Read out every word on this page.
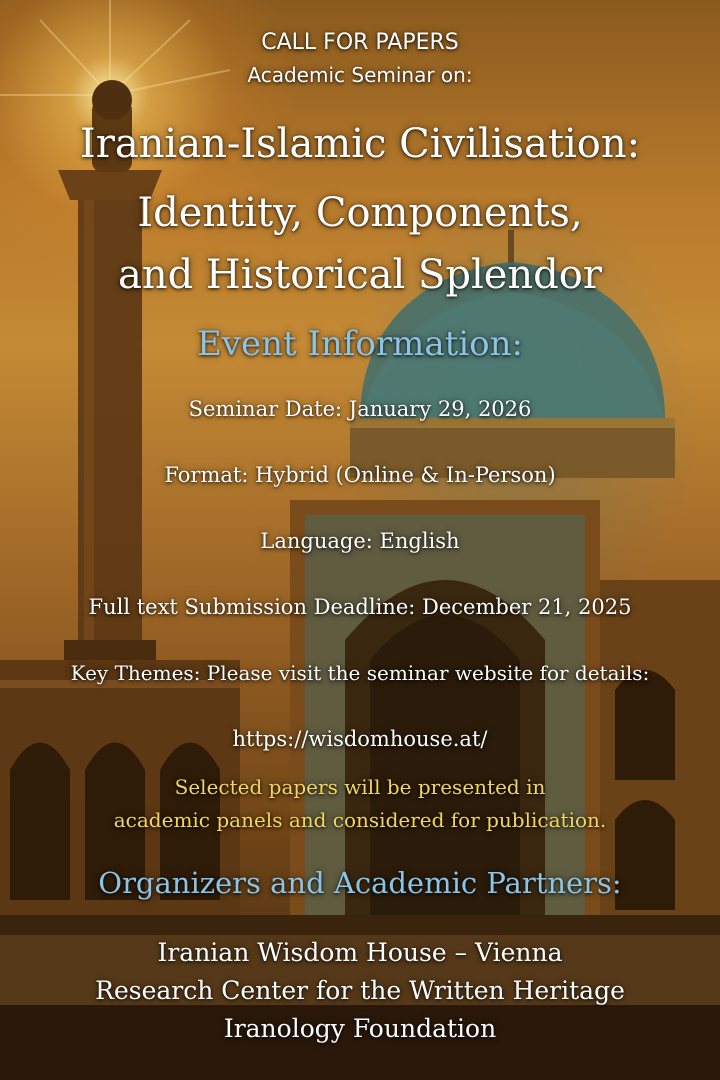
CALL FOR PAPERS
Academic Seminar on:
Iranian-Islamic Civilisation:
Identity, Components,
and Historical Splendor
Event Information:
Seminar Date: January 29, 2026
Format: Hybrid (Online & In-Person)
Language: English
Full text Submission Deadline: December 21, 2025
Key Themes: Please visit the seminar website for details:
https://wisdomhouse.at/
Selected papers will be presented in
academic panels and considered for publication.
Organizers and Academic Partners:
Iranian Wisdom House – Vienna
Research Center for the Written Heritage
Iranology Foundation
